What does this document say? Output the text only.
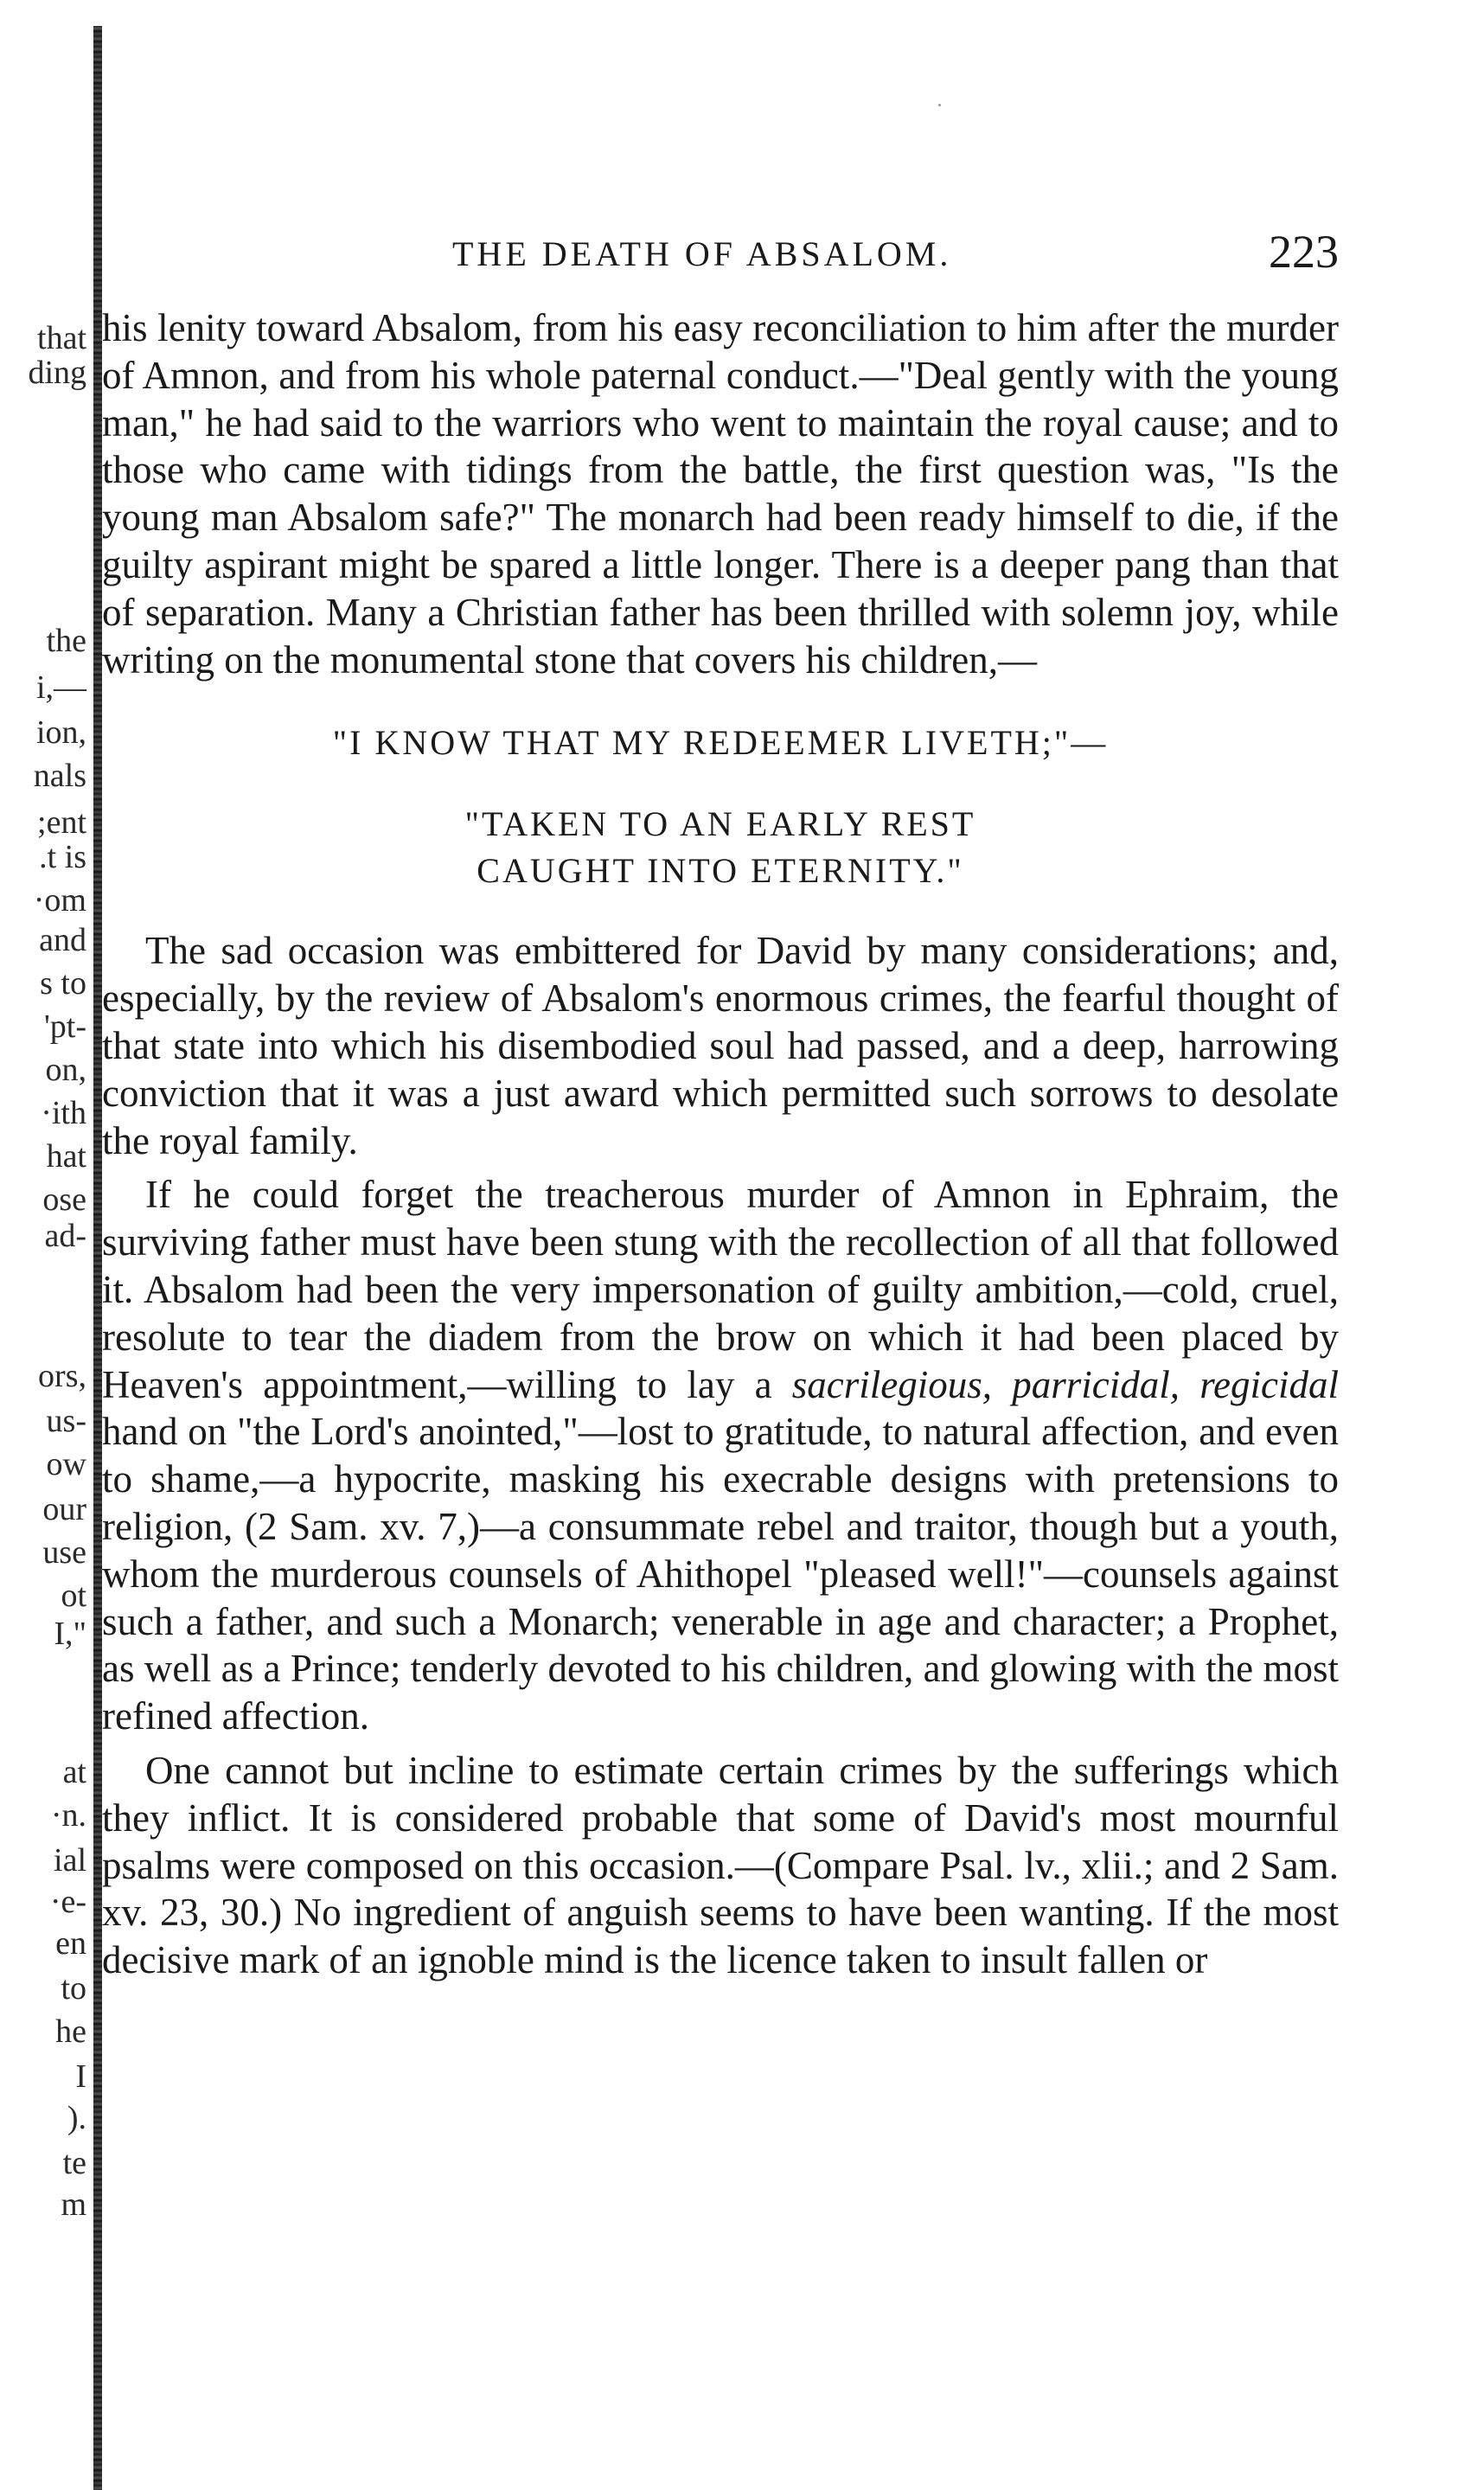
that
ding
the
i,—
ion,
nals
;ent
.t is
·om
and
s to
'pt-
on,
·ith
hat
ose
ad-
ors,
us-
ow
our
use
ot
I,"
at
·n.
ial
·e-
en
to
he
I
).
te
m
THE DEATH OF ABSALOM.	223

his lenity toward Absalom, from his easy reconciliation to him after the murder of Amnon, and from his whole paternal conduct.—"Deal gently with the young man," he had said to the warriors who went to maintain the royal cause; and to those who came with tidings from the battle, the first question was, "Is the young man Absalom safe?" The monarch had been ready himself to die, if the guilty aspirant might be spared a little longer. There is a deeper pang than that of separation. Many a Christian father has been thrilled with solemn joy, while writing on the monumental stone that covers his children,—

"I KNOW THAT MY REDEEMER LIVETH;"—
"TAKEN TO AN EARLY REST
CAUGHT INTO ETERNITY."

The sad occasion was embittered for David by many considerations; and, especially, by the review of Absalom's enormous crimes, the fearful thought of that state into which his disembodied soul had passed, and a deep, harrowing conviction that it was a just award which permitted such sorrows to desolate the royal family.

If he could forget the treacherous murder of Amnon in Ephraim, the surviving father must have been stung with the recollection of all that followed it. Absalom had been the very impersonation of guilty ambition,—cold, cruel, resolute to tear the diadem from the brow on which it had been placed by Heaven's appointment,—willing to lay a sacrilegious, parricidal, regicidal hand on "the Lord's anointed,"—lost to gratitude, to natural affection, and even to shame,—a hypocrite, masking his execrable designs with pretensions to religion, (2 Sam. xv. 7,)—a consummate rebel and traitor, though but a youth, whom the murderous counsels of Ahithopel "pleased well!"—counsels against such a father, and such a Monarch; venerable in age and character; a Prophet, as well as a Prince; tenderly devoted to his children, and glowing with the most refined affection.

One cannot but incline to estimate certain crimes by the sufferings which they inflict. It is considered probable that some of David's most mournful psalms were composed on this occasion.—(Compare Psal. lv., xlii.; and 2 Sam. xv. 23, 30.) No ingredient of anguish seems to have been wanting. If the most decisive mark of an ignoble mind is the licence taken to insult fallen or
